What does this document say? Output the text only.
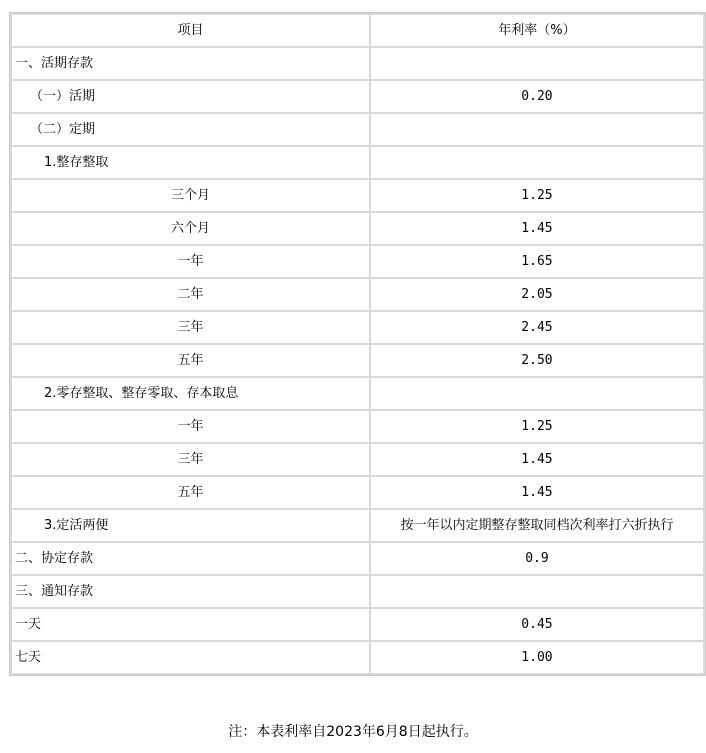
项目	年利率（%）
一、活期存款	
（一）活期	0.20
（二）定期	
1.整存整取	
三个月	1.25
六个月	1.45
一年	1.65
二年	2.05
三年	2.45
五年	2.50
2.零存整取、整存零取、存本取息	
一年	1.25
三年	1.45
五年	1.45
3.定活两便	按一年以内定期整存整取同档次利率打六折执行
二、协定存款	0.9
三、通知存款	
一天	0.45
七天	1.00
注：本表利率自2023年6月8日起执行。
